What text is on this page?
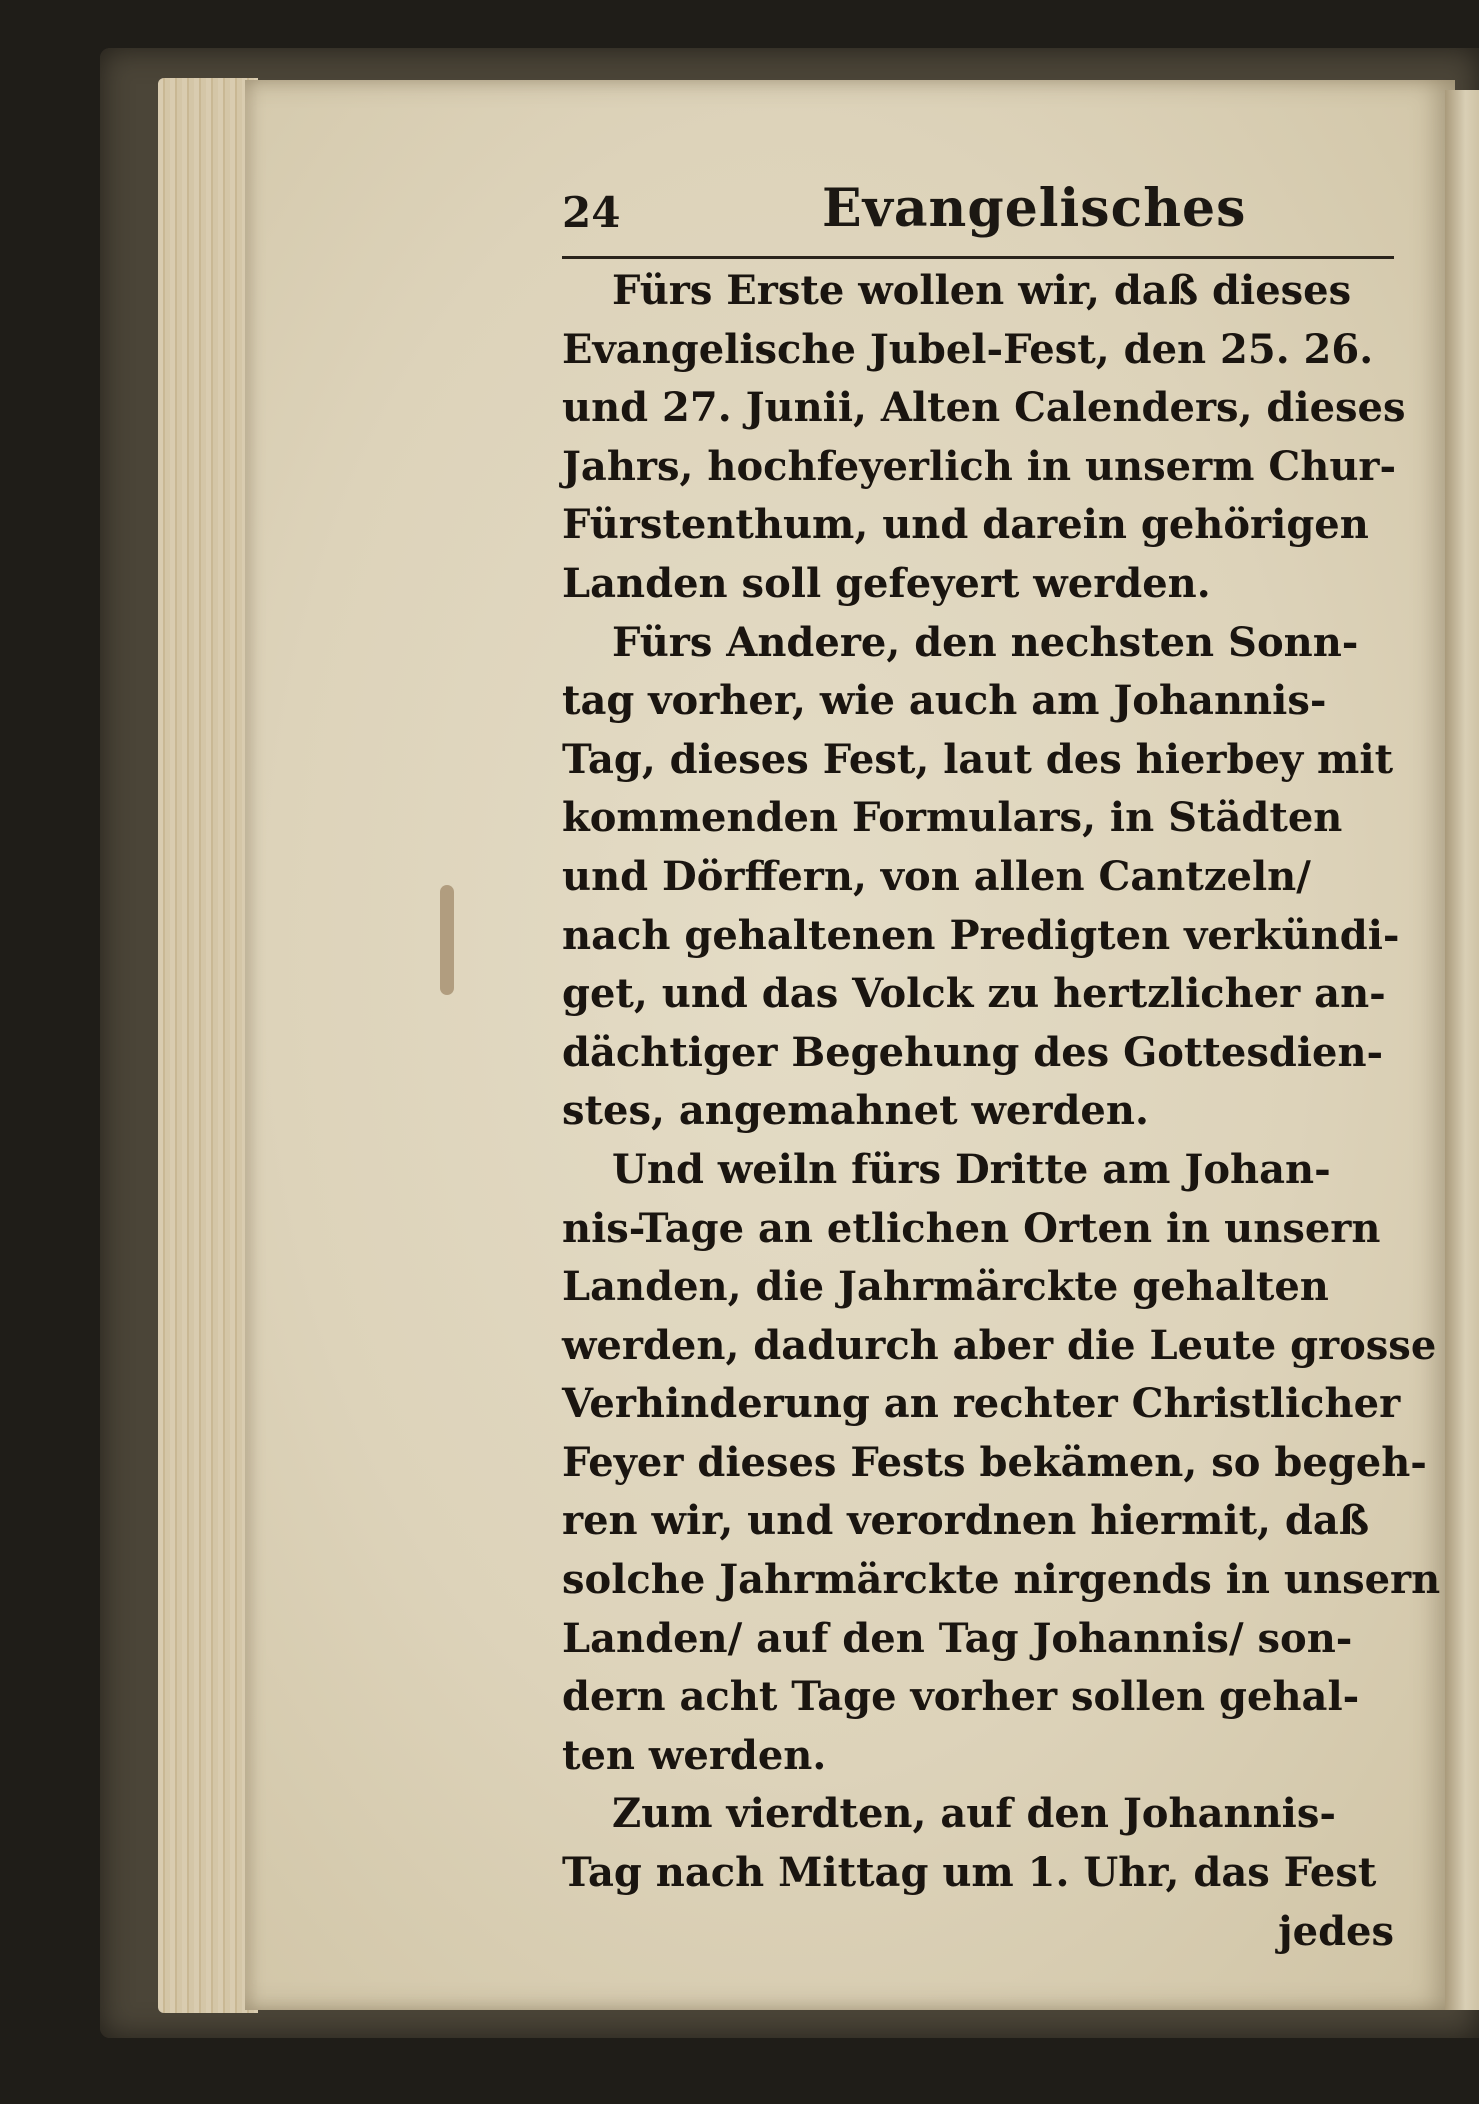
24	Evangelisches
Fürs Erste wollen wir, daß dieses
Evangelische Jubel-Fest, den 25. 26.
und 27. Junii, Alten Calenders, dieses
Jahrs, hochfeyerlich in unserm Chur-
Fürstenthum, und darein gehörigen
Landen soll gefeyert werden.
Fürs Andere, den nechsten Sonn-
tag vorher, wie auch am Johannis-
Tag, dieses Fest, laut des hierbey mit
kommenden Formulars, in Städten
und Dörffern, von allen Cantzeln/
nach gehaltenen Predigten verkündi-
get, und das Volck zu hertzlicher an-
dächtiger Begehung des Gottesdien-
stes, angemahnet werden.
Und weiln fürs Dritte am Johan-
nis-Tage an etlichen Orten in unsern
Landen, die Jahrmärckte gehalten
werden, dadurch aber die Leute grosse
Verhinderung an rechter Christlicher
Feyer dieses Fests bekämen, so begeh-
ren wir, und verordnen hiermit, daß
solche Jahrmärckte nirgends in unsern
Landen/ auf den Tag Johannis/ son-
dern acht Tage vorher sollen gehal-
ten werden.
Zum vierdten, auf den Johannis-
Tag nach Mittag um 1. Uhr, das Fest
jedes
